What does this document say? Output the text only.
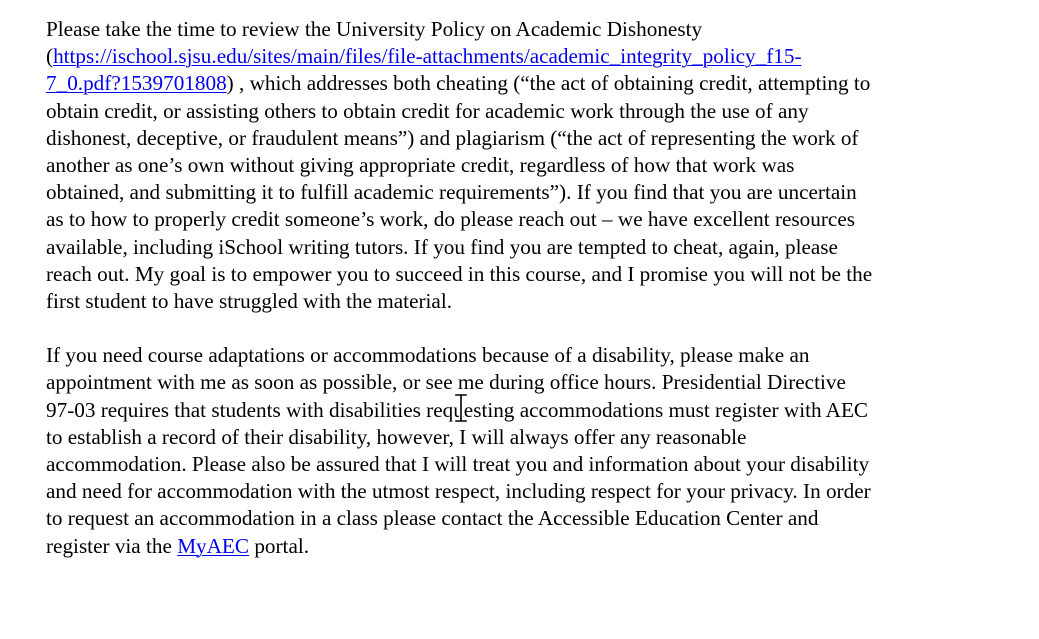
Please take the time to review the University Policy on Academic Dishonesty
(https://ischool.sjsu.edu/sites/main/files/file-attachments/academic_integrity_policy_f15-
7_0.pdf?1539701808) , which addresses both cheating (“the act of obtaining credit, attempting to
obtain credit, or assisting others to obtain credit for academic work through the use of any
dishonest, deceptive, or fraudulent means”) and plagiarism (“the act of representing the work of
another as one’s own without giving appropriate credit, regardless of how that work was
obtained, and submitting it to fulfill academic requirements”). If you find that you are uncertain
as to how to properly credit someone’s work, do please reach out – we have excellent resources
available, including iSchool writing tutors. If you find you are tempted to cheat, again, please
reach out. My goal is to empower you to succeed in this course, and I promise you will not be the
first student to have struggled with the material.

If you need course adaptations or accommodations because of a disability, please make an
appointment with me as soon as possible, or see me during office hours. Presidential Directive
97-03 requires that students with disabilities requesting accommodations must register with AEC
to establish a record of their disability, however, I will always offer any reasonable
accommodation. Please also be assured that I will treat you and information about your disability
and need for accommodation with the utmost respect, including respect for your privacy. In order
to request an accommodation in a class please contact the Accessible Education Center and
register via the MyAEC portal.
